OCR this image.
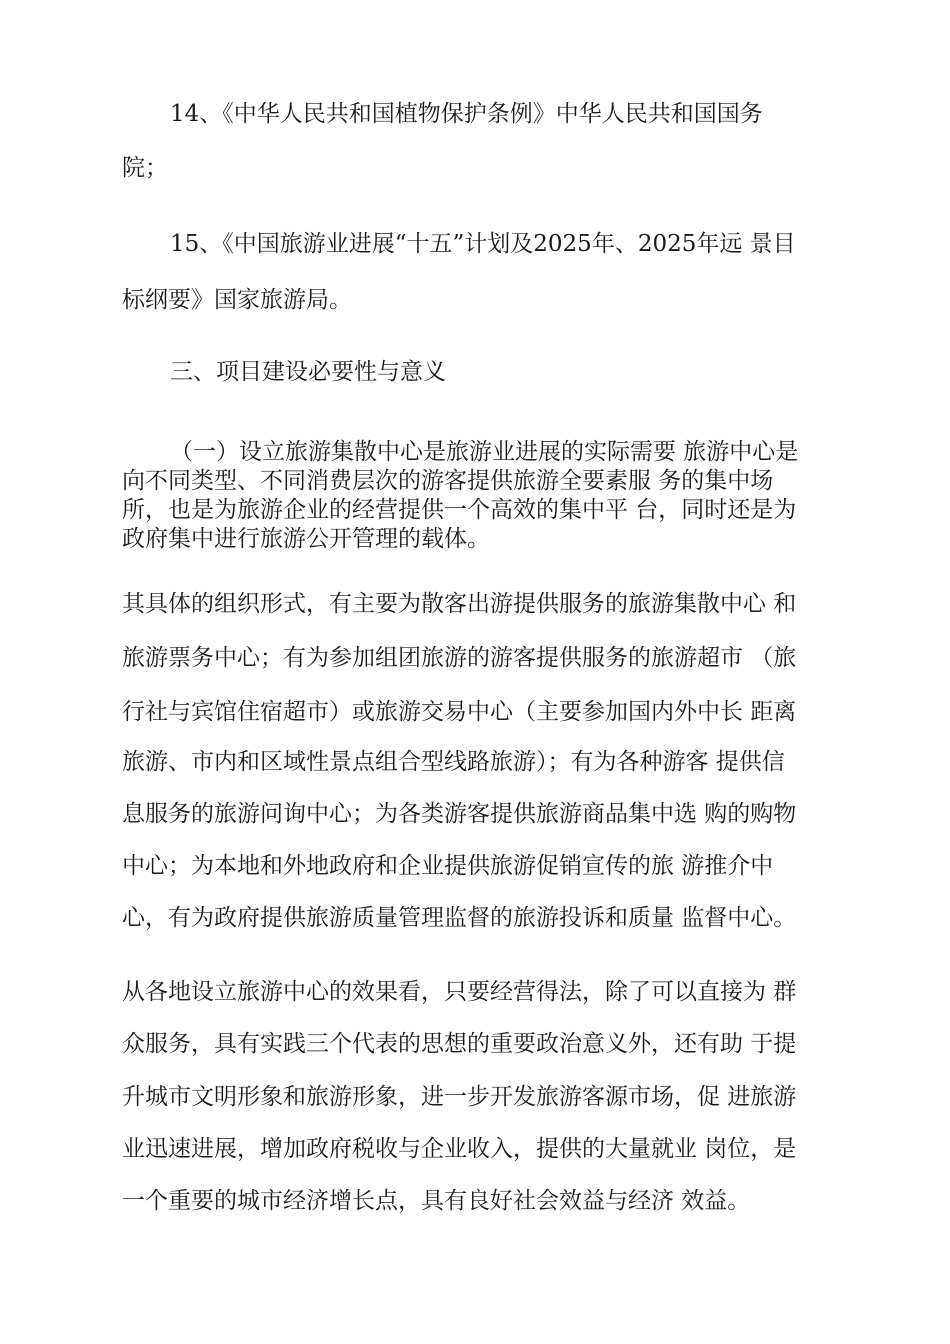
14、《中华人民共和国植物保护条例》中华人民共和国国务
院；
15、《中国旅游业进展“十五”计划及2025年、2025年远 景目
标纲要》国家旅游局。
三、项目建设必要性与意义
（一）设立旅游集散中心是旅游业进展的实际需要 旅游中心是
向不同类型、不同消费层次的游客提供旅游全要素服 务的集中场
所，也是为旅游企业的经营提供一个高效的集中平 台，同时还是为
政府集中进行旅游公开管理的载体。
其具体的组织形式，有主要为散客出游提供服务的旅游集散中心 和
旅游票务中心；有为参加组团旅游的游客提供服务的旅游超市 （旅
行社与宾馆住宿超市）或旅游交易中心（主要参加国内外中长 距离
旅游、市内和区域性景点组合型线路旅游）；有为各种游客 提供信
息服务的旅游问询中心；为各类游客提供旅游商品集中选 购的购物
中心；为本地和外地政府和企业提供旅游促销宣传的旅 游推介中
心，有为政府提供旅游质量管理监督的旅游投诉和质量 监督中心。
从各地设立旅游中心的效果看，只要经营得法，除了可以直接为 群
众服务，具有实践三个代表的思想的重要政治意义外，还有助 于提
升城市文明形象和旅游形象，进一步开发旅游客源市场，促 进旅游
业迅速进展，增加政府税收与企业收入，提供的大量就业 岗位，是
一个重要的城市经济增长点，具有良好社会效益与经济 效益。
